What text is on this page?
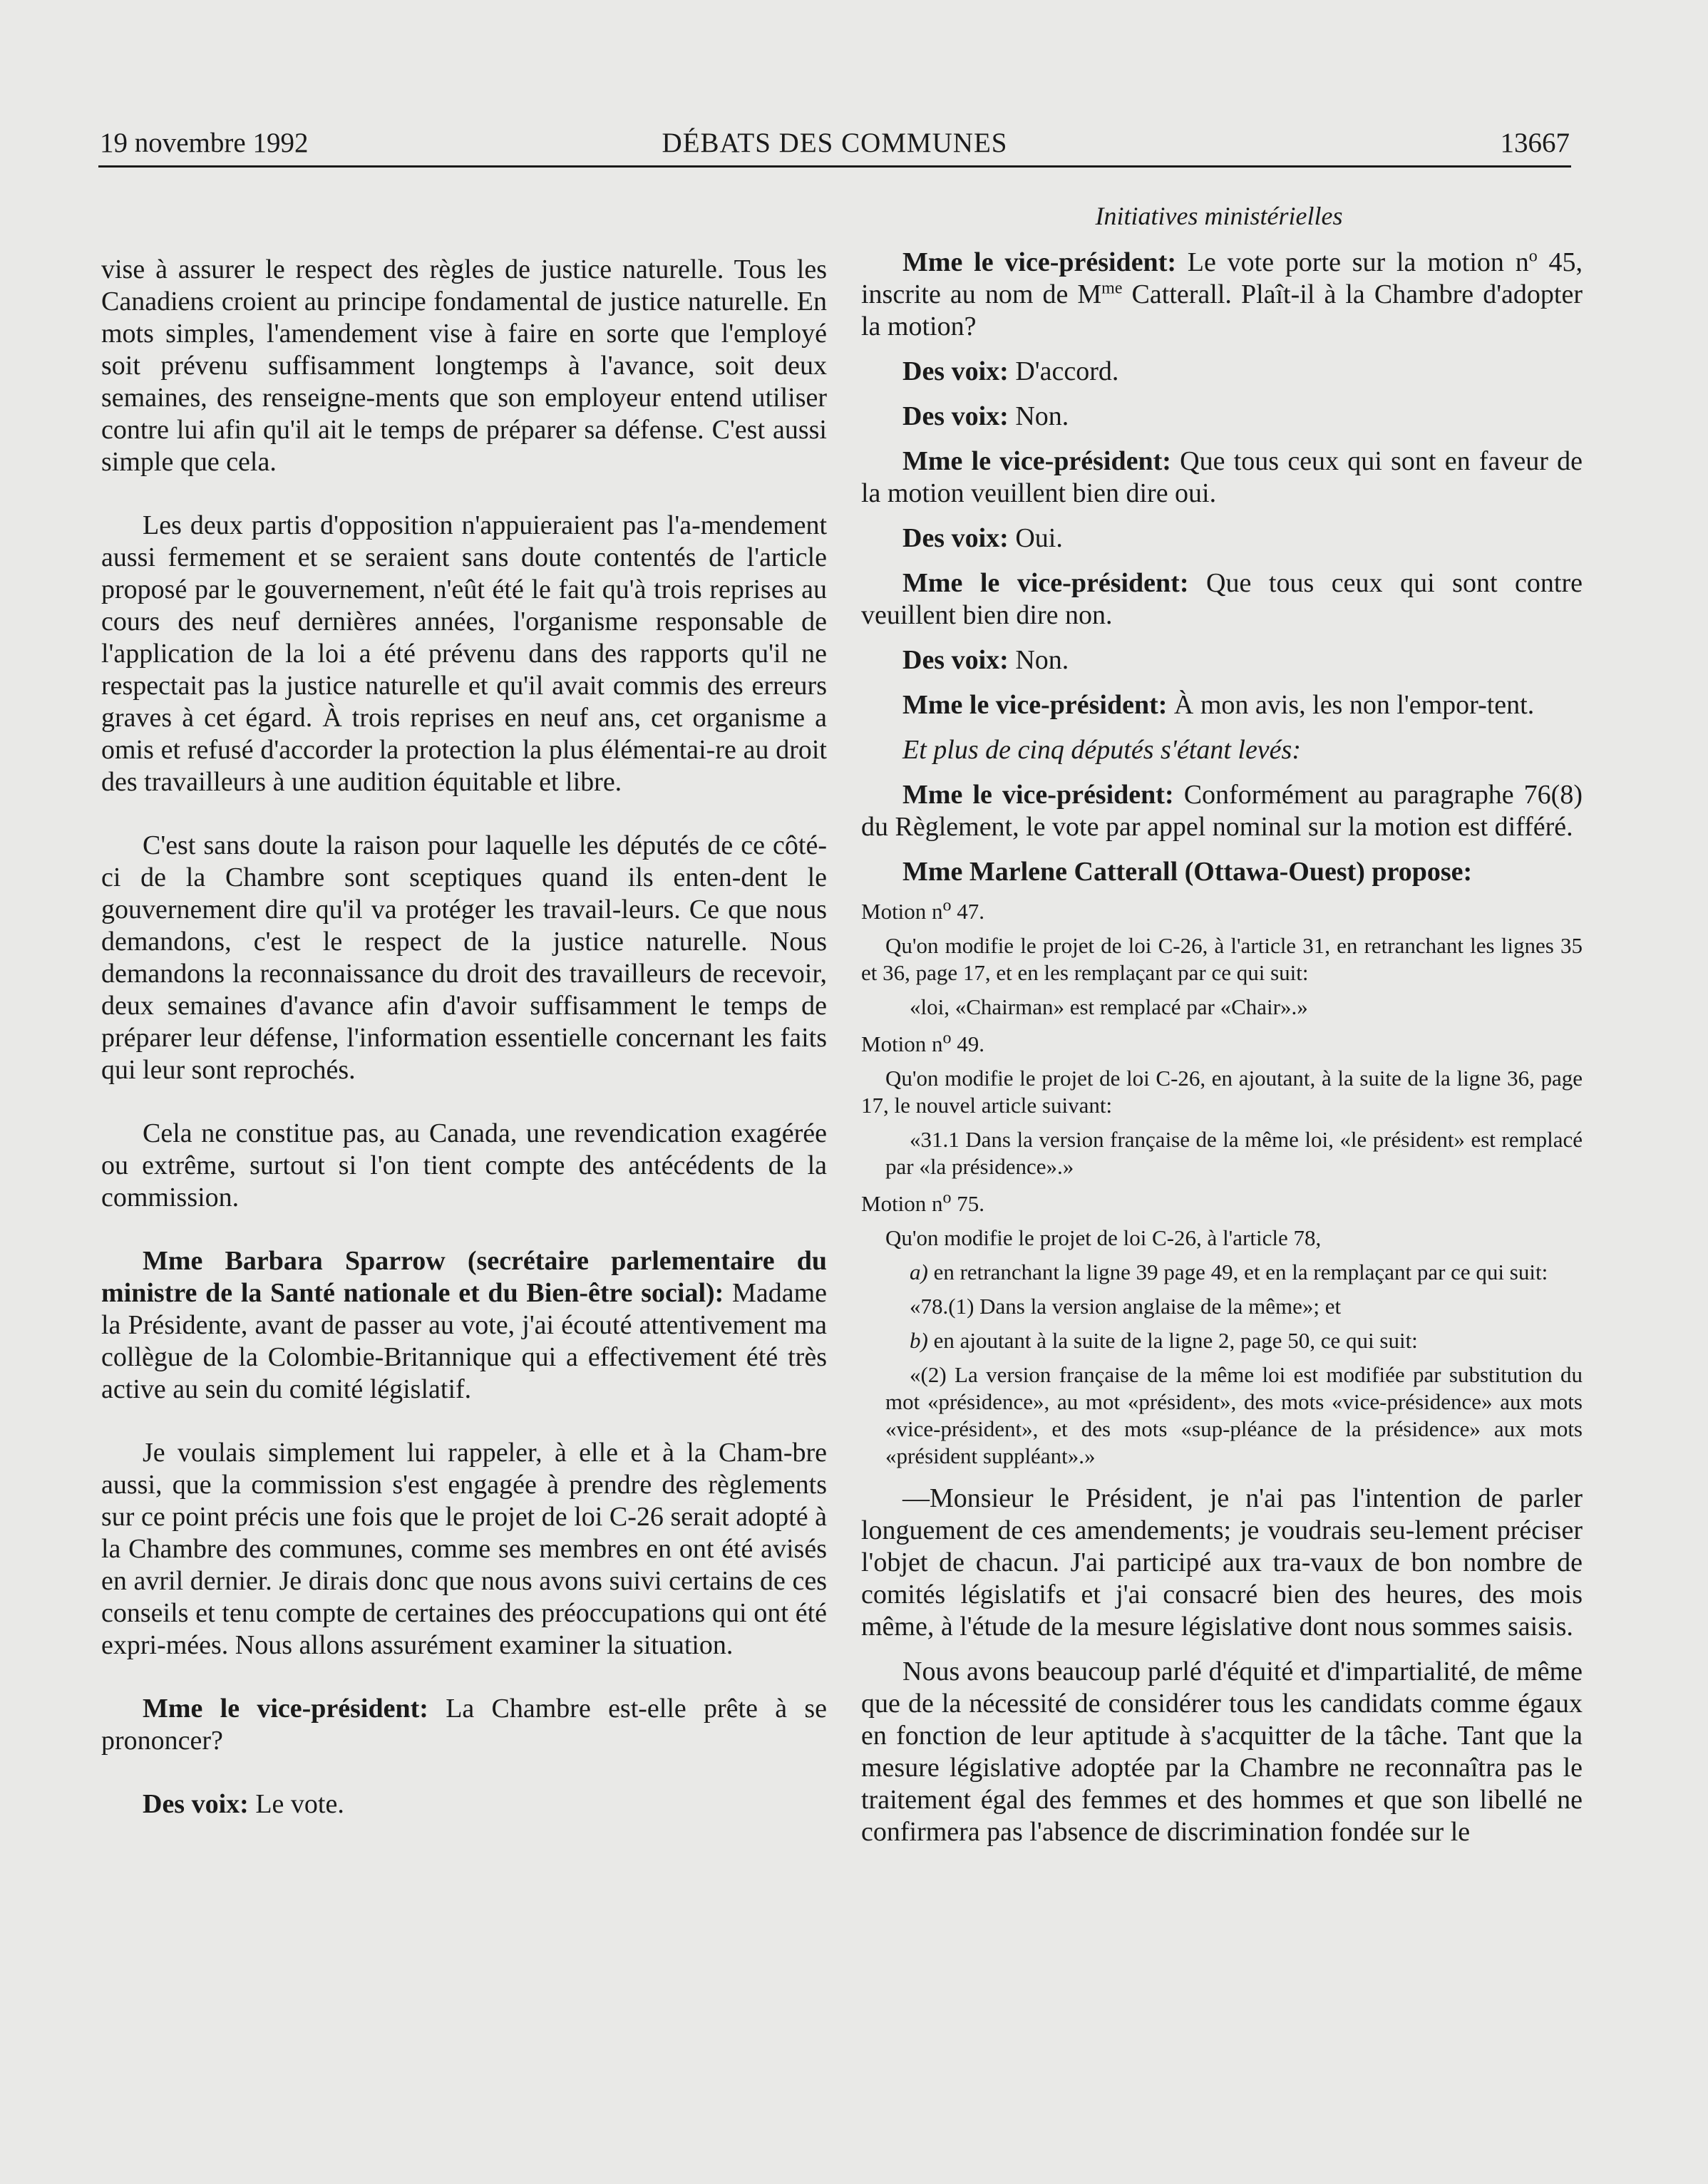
19 novembre 1992	DÉBATS DES COMMUNES	13667
Initiatives ministérielles

vise à assurer le respect des règles de justice naturelle. Tous les Canadiens croient au principe fondamental de justice naturelle. En mots simples, l'amendement vise à faire en sorte que l'employé soit prévenu suffisamment longtemps à l'avance, soit deux semaines, des renseigne-ments que son employeur entend utiliser contre lui afin qu'il ait le temps de préparer sa défense. C'est aussi simple que cela.

Les deux partis d'opposition n'appuieraient pas l'a-mendement aussi fermement et se seraient sans doute contentés de l'article proposé par le gouvernement, n'eût été le fait qu'à trois reprises au cours des neuf dernières années, l'organisme responsable de l'application de la loi a été prévenu dans des rapports qu'il ne respectait pas la justice naturelle et qu'il avait commis des erreurs graves à cet égard. À trois reprises en neuf ans, cet organisme a omis et refusé d'accorder la protection la plus élémentai-re au droit des travailleurs à une audition équitable et libre.

C'est sans doute la raison pour laquelle les députés de ce côté-ci de la Chambre sont sceptiques quand ils enten-dent le gouvernement dire qu'il va protéger les travail-leurs. Ce que nous demandons, c'est le respect de la justice naturelle. Nous demandons la reconnaissance du droit des travailleurs de recevoir, deux semaines d'avance afin d'avoir suffisamment le temps de préparer leur défense, l'information essentielle concernant les faits qui leur sont reprochés.

Cela ne constitue pas, au Canada, une revendication exagérée ou extrême, surtout si l'on tient compte des antécédents de la commission.

Mme Barbara Sparrow (secrétaire parlementaire du ministre de la Santé nationale et du Bien-être social): Madame la Présidente, avant de passer au vote, j'ai écouté attentivement ma collègue de la Colombie-Britannique qui a effectivement été très active au sein du comité législatif.

Je voulais simplement lui rappeler, à elle et à la Cham-bre aussi, que la commission s'est engagée à prendre des règlements sur ce point précis une fois que le projet de loi C-26 serait adopté à la Chambre des communes, comme ses membres en ont été avisés en avril dernier. Je dirais donc que nous avons suivi certains de ces conseils et tenu compte de certaines des préoccupations qui ont été expri-mées. Nous allons assurément examiner la situation.

Mme le vice-président: La Chambre est-elle prête à se prononcer?

Des voix: Le vote.

Mme le vice-président: Le vote porte sur la motion $n^o$ 45, inscrite au nom de $M^{me}$ Catterall. Plaît-il à la Chambre d'adopter la motion?

Des voix: D'accord.

Des voix: Non.

Mme le vice-président: Que tous ceux qui sont en faveur de la motion veuillent bien dire oui.

Des voix: Oui.

Mme le vice-président: Que tous ceux qui sont contre veuillent bien dire non.

Des voix: Non.

Mme le vice-président: À mon avis, les non l'empor-tent.

Et plus de cinq députés s'étant levés:

Mme le vice-président: Conformément au paragraphe 76(8) du Règlement, le vote par appel nominal sur la motion est différé.

Mme Marlene Catterall (Ottawa-Ouest) propose:

Motion $n^o$ 47.

Qu'on modifie le projet de loi C-26, à l'article 31, en retranchant les lignes 35 et 36, page 17, et en les remplaçant par ce qui suit:

«loi, «Chairman» est remplacé par «Chair».»

Motion $n^o$ 49.

Qu'on modifie le projet de loi C-26, en ajoutant, à la suite de la ligne 36, page 17, le nouvel article suivant:

«31.1 Dans la version française de la même loi, «le président» est remplacé par «la présidence».»

Motion $n^o$ 75.

Qu'on modifie le projet de loi C-26, à l'article 78,

a) en retranchant la ligne 39 page 49, et en la remplaçant par ce qui suit:

«78.(1) Dans la version anglaise de la même»; et

b) en ajoutant à la suite de la ligne 2, page 50, ce qui suit:

«(2) La version française de la même loi est modifiée par substitution du mot «présidence», au mot «président», des mots «vice-présidence» aux mots «vice-président», et des mots «sup-pléance de la présidence» aux mots «président suppléant».»

—Monsieur le Président, je n'ai pas l'intention de parler longuement de ces amendements; je voudrais seu-lement préciser l'objet de chacun. J'ai participé aux tra-vaux de bon nombre de comités législatifs et j'ai consacré bien des heures, des mois même, à l'étude de la mesure législative dont nous sommes saisis.

Nous avons beaucoup parlé d'équité et d'impartialité, de même que de la nécessité de considérer tous les candidats comme égaux en fonction de leur aptitude à s'acquitter de la tâche. Tant que la mesure législative adoptée par la Chambre ne reconnaîtra pas le traitement égal des femmes et des hommes et que son libellé ne confirmera pas l'absence de discrimination fondée sur le
